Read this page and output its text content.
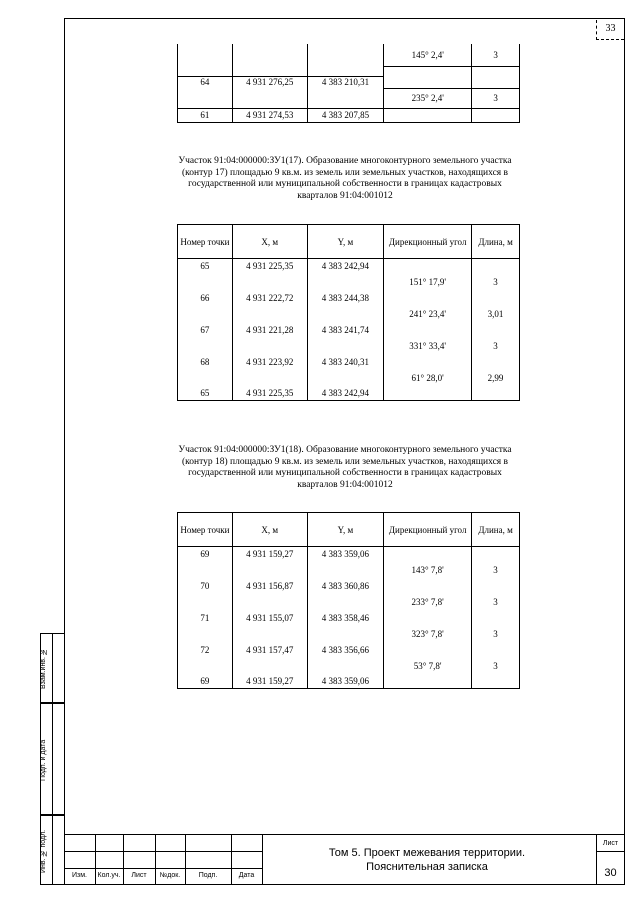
33
Взам.инв. №
Подп. и дата
Инв. № подл.
			145° 2,4'	3

64	4 931 276,25	4 383 210,31		
			235° 2,4'	3
61	4 931 274,53	4 383 207,85		
Участок 91:04:000000:ЗУ1(17). Образование многоконтурного земельного участка (контур 17) площадью 9 кв.м. из земель или земельных участков, находящихся в государственной или муниципальной собственности в границах кадастровых кварталов 91:04:001012
Номер точки	X, м	Y, м	Дирекционный угол	Длина, м
65	4 931 225,35	4 383 242,94		
			151° 17,9'	3
66	4 931 222,72	4 383 244,38		
			241° 23,4'	3,01
67	4 931 221,28	4 383 241,74		
			331° 33,4'	3
68	4 931 223,92	4 383 240,31		
			61° 28,0'	2,99
65	4 931 225,35	4 383 242,94		
Участок 91:04:000000:ЗУ1(18). Образование многоконтурного земельного участка (контур 18) площадью 9 кв.м. из земель или земельных участков, находящихся в государственной или муниципальной собственности в границах кадастровых кварталов 91:04:001012
Номер точки	X, м	Y, м	Дирекционный угол	Длина, м
69	4 931 159,27	4 383 359,06		
			143° 7,8'	3
70	4 931 156,87	4 383 360,86		
			233° 7,8'	3
71	4 931 155,07	4 383 358,46		
			323° 7,8'	3
72	4 931 157,47	4 383 356,66		
			53° 7,8'	3
69	4 931 159,27	4 383 359,06		
Изм.	Кол.уч.	Лист	№док.	Подп.	Дата
Том 5. Проект межевания территории.
Пояснительная записка
Лист
30
